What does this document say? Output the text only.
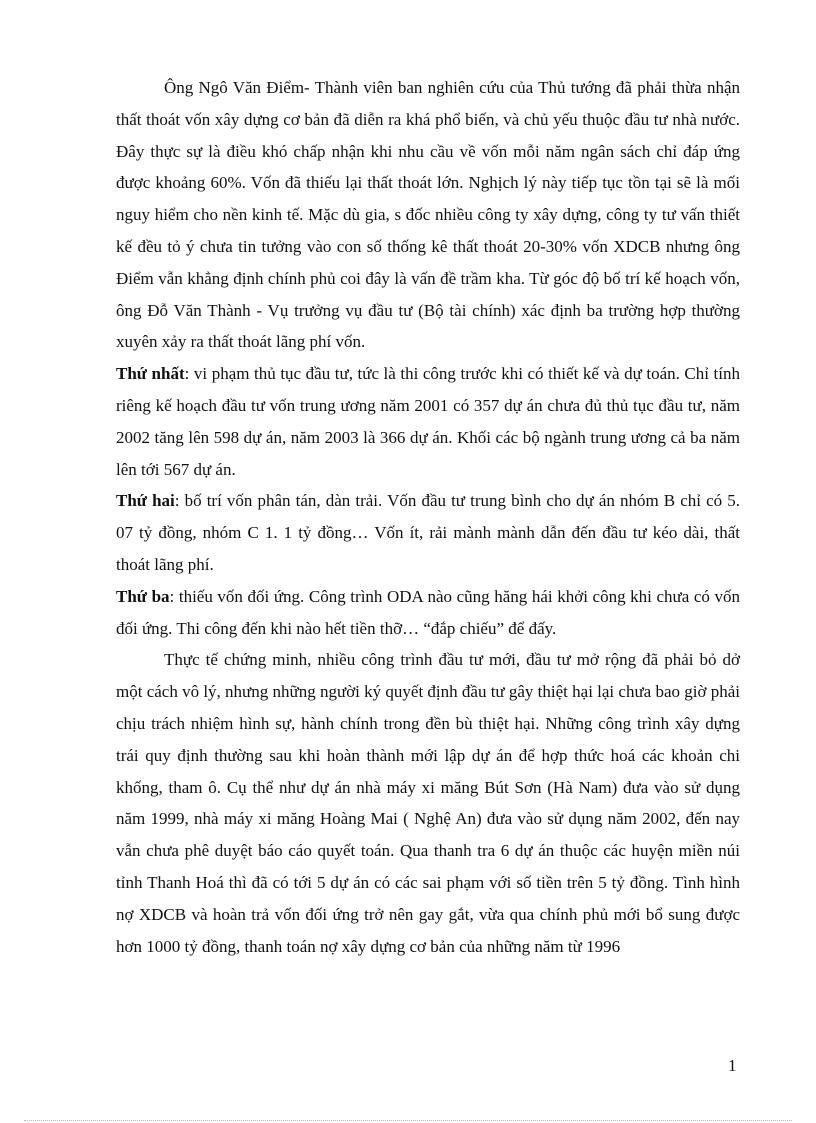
Ông Ngô Văn Điểm- Thành viên ban nghiên cứu của Thủ tướng đã phải thừa nhận thất thoát vốn xây dựng cơ bản đã diễn ra khá phổ biến, và chủ yếu thuộc đầu tư nhà nước. Đây thực sự là điều khó chấp nhận khi nhu cầu về vốn mỗi năm ngân sách chỉ đáp ứng được khoảng 60%. Vốn đã thiếu lại thất thoát lớn. Nghịch lý này tiếp tục tồn tại sẽ là mối nguy hiểm cho nền kinh tế. Mặc dù gia, s đốc nhiều công ty xây dựng, công ty tư vấn thiết kế đều tỏ ý chưa tin tưởng vào con số thống kê thất thoát 20-30% vốn XDCB nhưng ông Điểm vẫn khẳng định chính phủ coi đây là vấn đề trầm kha. Từ góc độ bố trí kế hoạch vốn, ông Đỗ Văn Thành - Vụ trưởng vụ đầu tư (Bộ tài chính) xác định ba trường hợp thường xuyên xảy ra thất thoát lãng phí vốn.

Thứ nhất: vi phạm thủ tục đầu tư, tức là thi công trước khi có thiết kế và dự toán. Chỉ tính riêng kế hoạch đầu tư vốn trung ương năm 2001 có 357 dự án chưa đủ thủ tục đầu tư, năm 2002 tăng lên 598 dự án, năm 2003 là 366 dự án. Khối các bộ ngành trung ương cả ba năm lên tới 567 dự án.

Thứ hai: bố trí vốn phân tán, dàn trải. Vốn đầu tư trung bình cho dự án nhóm B chỉ có 5. 07 tỷ đồng, nhóm C 1. 1 tỷ đồng… Vốn ít, rải mành mành dẫn đến đầu tư kéo dài, thất thoát lãng phí.

Thứ ba: thiếu vốn đối ứng. Công trình ODA nào cũng hăng hái khởi công khi chưa có vốn đối ứng. Thi công đến khi nào hết tiền thỡ… “đắp chiếu” để đấy.

Thực tế chứng minh, nhiều công trình đầu tư mới, đầu tư mở rộng đã phải bỏ dở một cách vô lý, nhưng những người ký quyết định đầu tư gây thiệt hại lại chưa bao giờ phải chịu trách nhiệm hình sự, hành chính trong đền bù thiệt hại. Những công trình xây dựng trái quy định thường sau khi hoàn thành mới lập dự án để hợp thức hoá các khoản chi khống, tham ô. Cụ thể như dự án nhà máy xi măng Bút Sơn (Hà Nam) đưa vào sử dụng năm 1999, nhà máy xi măng Hoàng Mai ( Nghệ An) đưa vào sử dụng năm 2002, đến nay vẫn chưa phê duyệt báo cáo quyết toán. Qua thanh tra 6 dự án thuộc các huyện miền núi tỉnh Thanh Hoá thì đã có tới 5 dự án có các sai phạm với số tiền trên 5 tỷ đồng. Tình hình nợ XDCB và hoàn trả vốn đối ứng trở nên gay gắt, vừa qua chính phủ mới bổ sung được hơn 1000 tỷ đồng, thanh toán nợ xây dựng cơ bản của những năm từ 1996

1
